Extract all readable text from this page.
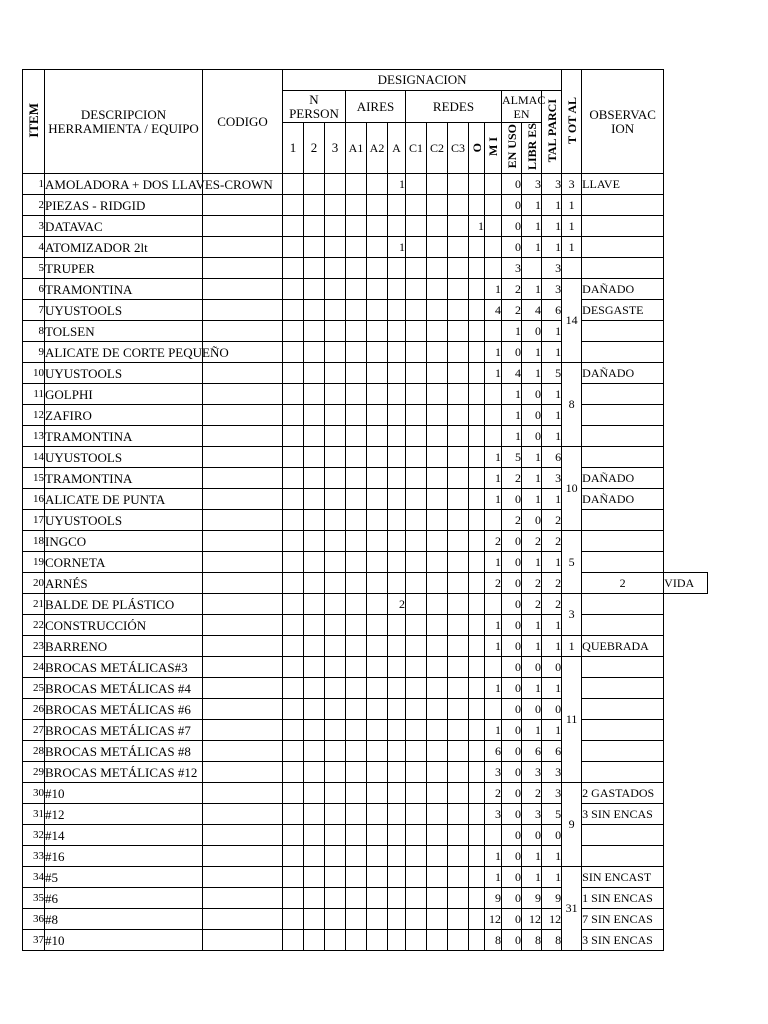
ITEM	DESCRIPCION HERRAMIENTA / EQUIPO	CODIGO	DESIGNACION														T OT AL	OBSERVAC ION	
			N PERSON			AIRES			REDES					ALMAC EN		TAL PARCI			
			1	2	3	A1	A2	A	C1	C2	C3	O	M I	EN USO	LIBR ES				
1	AMOLADORA + DOS LLAVES-CROWN							1						0	3	3	3	LLAVE	
2	PIEZAS - RIDGID													0	1	1	1		
3	DATAVAC											1		0	1	1	1		
4	ATOMIZADOR 2lt							1						0	1	1	1		
5	TRUPER													3		3			
6	TRAMONTINA												1	2	1	3	14	DAÑADO	
7	UYUSTOOLS												4	2	4	6		DESGASTE	
8	TOLSEN													1	0	1			
9	ALICATE DE CORTE PEQUEÑO												1	0	1	1			
10	UYUSTOOLS												1	4	1	5	8	DAÑADO	
11	GOLPHI													1	0	1			
12	ZAFIRO													1	0	1			
13	TRAMONTINA													1	0	1			
14	UYUSTOOLS												1	5	1	6	10		
15	TRAMONTINA												1	2	1	3		DAÑADO	
16	ALICATE DE PUNTA												1	0	1	1		DAÑADO	
17	UYUSTOOLS													2	0	2			
18	INGCO												2	0	2	2	5		
19	CORNETA												1	0	1	1			
20	ARNÉS												2	0	2	2		2	VIDA
21	BALDE DE PLÁSTICO							2						0	2	2	3		
22	CONSTRUCCIÓN												1	0	1	1			
23	BARRENO												1	0	1	1	1	QUEBRADA	
24	BROCAS METÁLICAS#3													0	0	0	11		
25	BROCAS METÁLICAS #4												1	0	1	1			
26	BROCAS METÁLICAS #6													0	0	0			
27	BROCAS METÁLICAS #7												1	0	1	1			
28	BROCAS METÁLICAS #8												6	0	6	6			
29	BROCAS METÁLICAS #12												3	0	3	3			
30	#10												2	0	2	3	9	2 GASTADOS	
31	#12												3	0	3	5		3 SIN ENCAS	
32	#14													0	0	0			
33	#16												1	0	1	1			
34	#5												1	0	1	1	31	SIN ENCAST	
35	#6												9	0	9	9		1 SIN ENCAS	
36	#8												12	0	12	12		7 SIN ENCAS	
37	#10												8	0	8	8		3 SIN ENCAS	
